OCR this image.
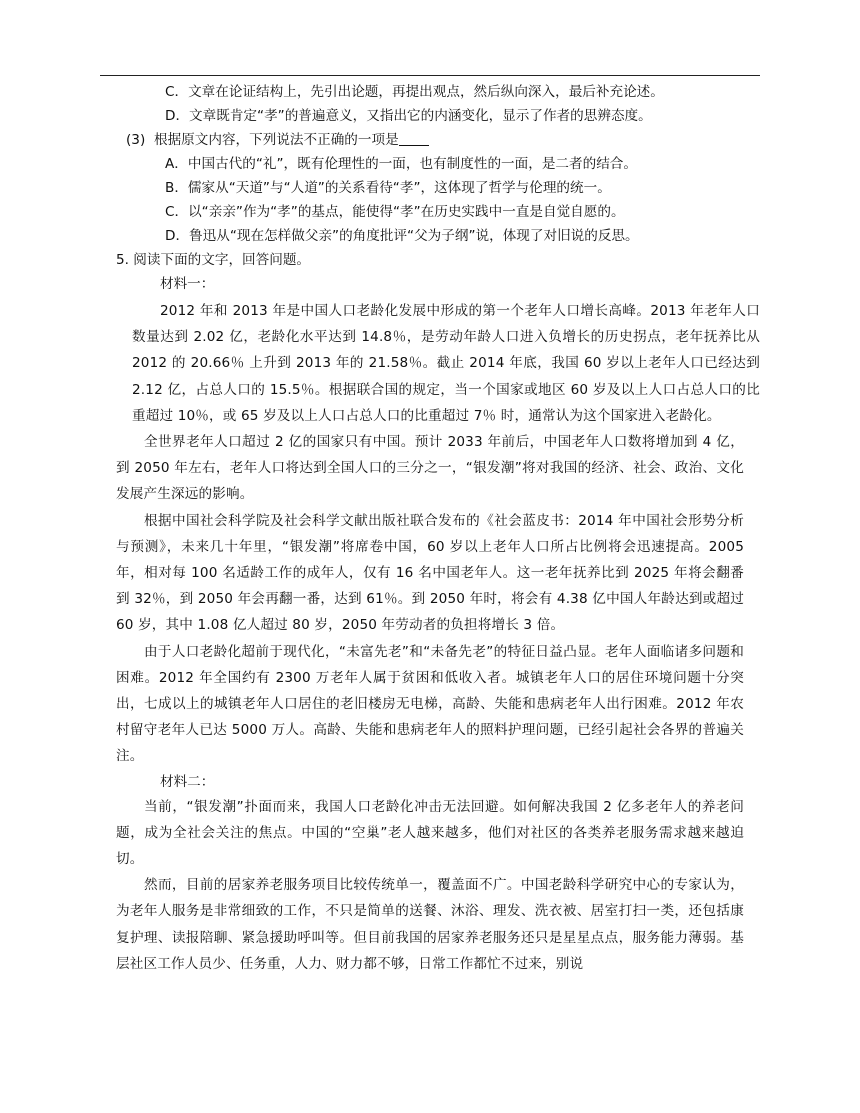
C．文章在论证结构上，先引出论题，再提出观点，然后纵向深入，最后补充论述。
D．文章既肯定“孝”的普遍意义，又指出它的内涵变化，显示了作者的思辨态度。
(3) 根据原文内容，下列说法不正确的一项是
A．中国古代的“礼”，既有伦理性的一面，也有制度性的一面，是二者的结合。
B．儒家从“天道”与“人道”的关系看待“孝”，这体现了哲学与伦理的统一。
C．以“亲亲”作为“孝”的基点，能使得“孝”在历史实践中一直是自觉自愿的。
D．鲁迅从“现在怎样做父亲”的角度批评“父为子纲”说，体现了对旧说的反思。
5. 阅读下面的文字，回答问题。
材料一：

2012 年和 2013 年是中国人口老龄化发展中形成的第一个老年人口增长高峰。2013 年老年人口数量达到 2.02 亿，老龄化水平达到 14.8％，是劳动年龄人口进入负增长的历史拐点，老年抚养比从 2012 的 20.66％ 上升到 2013 年的 21.58％。截止 2014 年底，我国 60 岁以上老年人口已经达到 2.12 亿，占总人口的 15.5％。根据联合国的规定，当一个国家或地区 60 岁及以上人口占总人口的比重超过 10％，或 65 岁及以上人口占总人口的比重超过 7％ 时，通常认为这个国家进入老龄化。

全世界老年人口超过 2 亿的国家只有中国。预计 2033 年前后，中国老年人口数将增加到 4 亿，到 2050 年左右，老年人口将达到全国人口的三分之一，“银发潮”将对我国的经济、社会、政治、文化发展产生深远的影响。

根据中国社会科学院及社会科学文献出版社联合发布的《社会蓝皮书：2014 年中国社会形势分析与预测》，未来几十年里，“银发潮”将席卷中国，60 岁以上老年人口所占比例将会迅速提高。2005 年，相对每 100 名适龄工作的成年人，仅有 16 名中国老年人。这一老年抚养比到 2025 年将会翻番到 32％，到 2050 年会再翻一番，达到 61％。到 2050 年时，将会有 4.38 亿中国人年龄达到或超过 60 岁，其中 1.08 亿人超过 80 岁，2050 年劳动者的负担将增长 3 倍。

由于人口老龄化超前于现代化，“未富先老”和“未备先老”的特征日益凸显。老年人面临诸多问题和困难。2012 年全国约有 2300 万老年人属于贫困和低收入者。城镇老年人口的居住环境问题十分突出，七成以上的城镇老年人口居住的老旧楼房无电梯，高龄、失能和患病老年人出行困难。2012 年农村留守老年人已达 5000 万人。高龄、失能和患病老年人的照料护理问题，已经引起社会各界的普遍关注。

材料二：

当前，“银发潮”扑面而来，我国人口老龄化冲击无法回避。如何解决我国 2 亿多老年人的养老问题，成为全社会关注的焦点。中国的“空巢”老人越来越多，他们对社区的各类养老服务需求越来越迫切。

然而，目前的居家养老服务项目比较传统单一，覆盖面不广。中国老龄科学研究中心的专家认为，为老年人服务是非常细致的工作，不只是简单的送餐、沐浴、理发、洗衣被、居室打扫一类，还包括康复护理、读报陪聊、紧急援助呼叫等。但目前我国的居家养老服务还只是星星点点，服务能力薄弱。基层社区工作人员少、任务重，人力、财力都不够，日常工作都忙不过来，别说
